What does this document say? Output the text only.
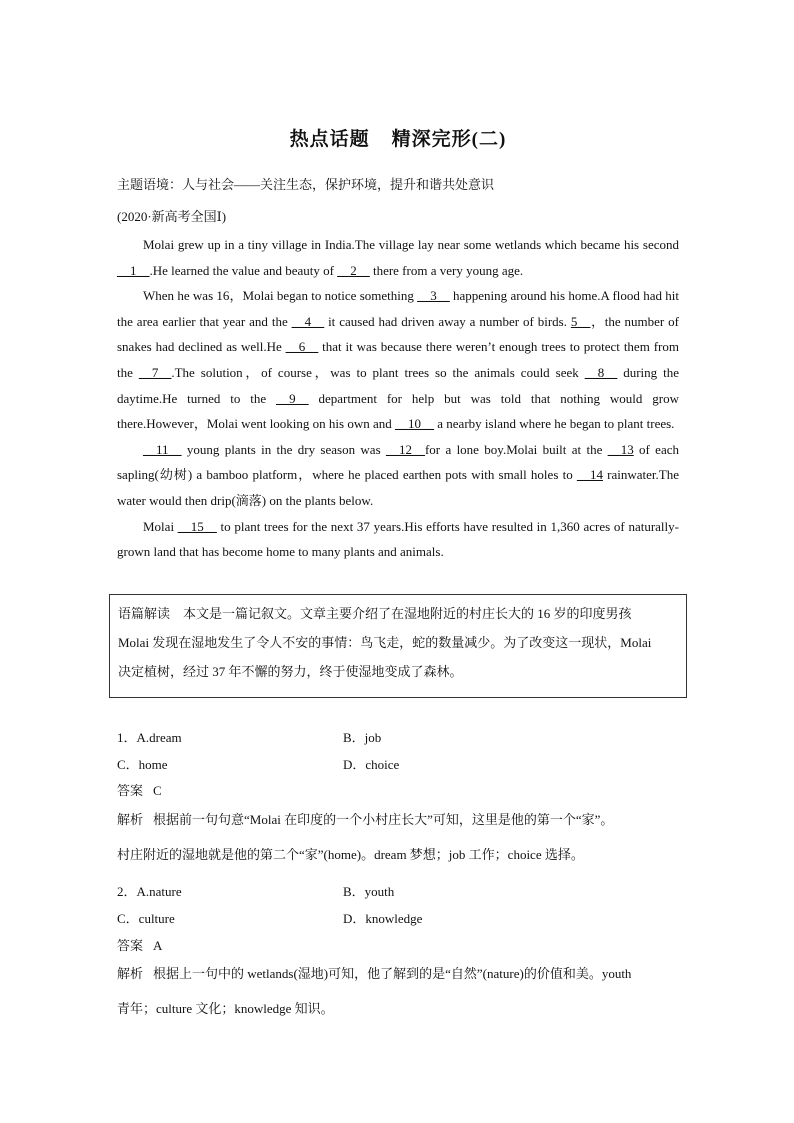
热点话题 精深完形(二)
主题语境：人与社会——关注生态，保护环境，提升和谐共处意识
(2020·新高考全国Ⅰ)

Molai grew up in a tiny village in India.The village lay near some wetlands which became his second __1__.He learned the value and beauty of __2__ there from a very young age.

When he was 16，Molai began to notice something __3__ happening around his home.A flood had hit the area earlier that year and the __4__ it caused had driven away a number of birds. 5__，the number of snakes had declined as well.He __6__ that it was because there weren’t enough trees to protect them from the __7__.The solution，of course，was to plant trees so the animals could seek __8__ during the daytime.He turned to the __9__ department for help but was told that nothing would grow there.However，Molai went looking on his own and __10__ a nearby island where he began to plant trees.

__11__ young plants in the dry season was __12__for a lone boy.Molai built at the __13 of each sapling(幼树) a bamboo platform，where he placed earthen pots with small holes to __14 rainwater.The water would then drip(滴落) on the plants below.

Molai __15__ to plant trees for the next 37 years.His efforts have resulted in 1,360 acres of naturally-grown land that has become home to many plants and animals.

语篇解读　本文是一篇记叙文。文章主要介绍了在湿地附近的村庄长大的 16 岁的印度男孩

Molai 发现在湿地发生了令人不安的事情：鸟飞走，蛇的数量减少。为了改变这一现状，Molai

决定植树，经过 37 年不懈的努力，终于使湿地变成了森林。

1．A.dream	B．job
C．home	D．choice
答案 C
解析 根据前一句句意“Molai 在印度的一个小村庄长大”可知，这里是他的第一个“家”。
村庄附近的湿地就是他的第二个“家”(home)。dream 梦想；job 工作；choice 选择。
2．A.nature	B．youth
C．culture	D．knowledge
答案 A
解析 根据上一句中的 wetlands(湿地)可知，他了解到的是“自然”(nature)的价值和美。youth
青年；culture 文化；knowledge 知识。
